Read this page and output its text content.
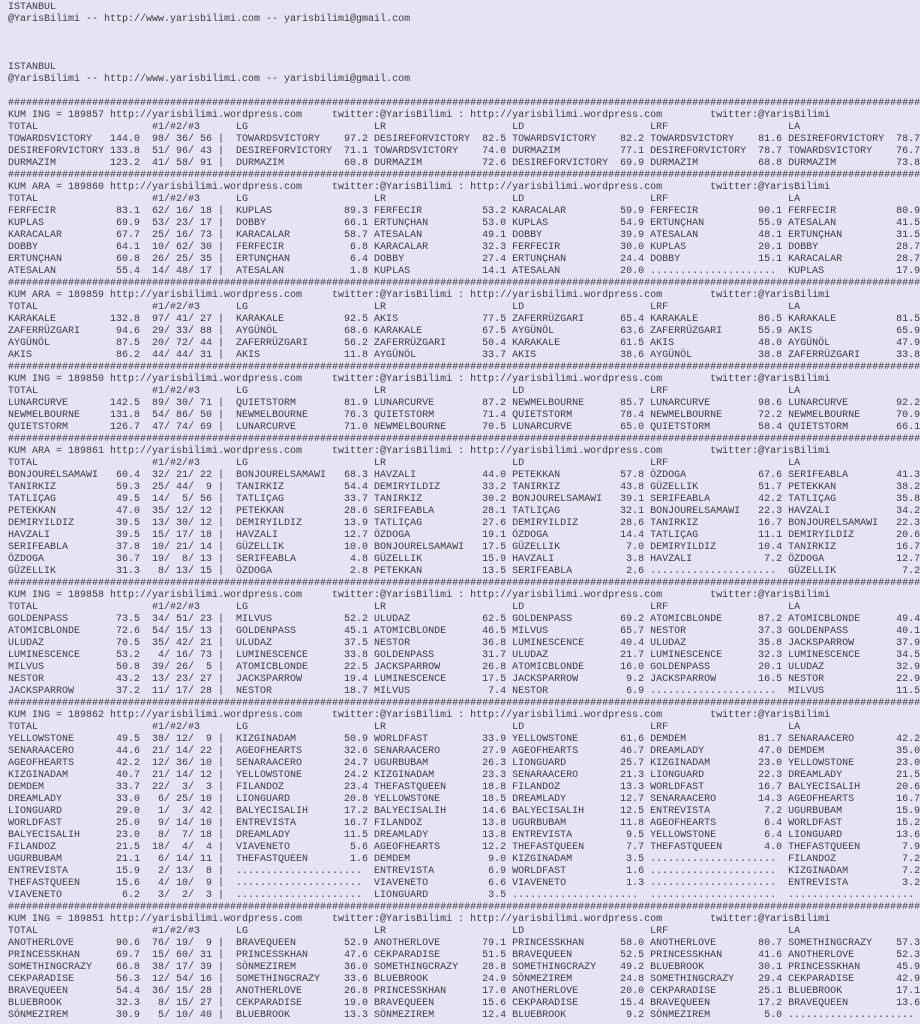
ISTANBUL
@YarisBilimi -- http://www.yarisbilimi.com -- yarisbilimi@gmail.com
ISTANBUL
@YarisBilimi -- http://www.yarisbilimi.com -- yarisbilimi@gmail.com
########################################################################################################################################################
KUM ING = 189857 http://yarisbilimi.wordpress.com     twitter:@YarisBilimi : http://yarisbilimi.wordpress.com        twitter:@YarisBilimi
TOTAL                   #1/#2/#3      LG                     LR                     LD                     LRF                    LA
TOWARDSVICTORY   144.0  98/ 36/ 56 |  TOWARDSVICTORY    97.2 DESIREFORVICTORY  82.5 TOWARDSVICTORY    82.2 TOWARDSVICTORY    81.6 DESIREFORVICTORY  78.7
DESIREFORVICTORY 133.8  51/ 96/ 43 |  DESIREFORVICTORY  71.1 TOWARDSVICTORY    74.0 DURMAZIM          77.1 DESIREFORVICTORY  78.7 TOWARDSVICTORY    76.7
DURMAZIM         123.2  41/ 58/ 91 |  DURMAZIM          60.8 DURMAZIM          72.6 DESIREFORVICTORY  69.9 DURMAZIM          68.8 DURMAZIM          73.8
########################################################################################################################################################
KUM ARA = 189860 http://yarisbilimi.wordpress.com     twitter:@YarisBilimi : http://yarisbilimi.wordpress.com        twitter:@YarisBilimi
TOTAL                   #1/#2/#3      LG                     LR                     LD                     LRF                    LA
FERFECIR          83.1  62/ 16/ 18 |  KUPLAS            89.3 FERFECIR          53.2 KARACALAR         59.9 FERFECIR          90.1 FERFECIR          80.9
KUPLAS            69.9  53/ 23/ 17 |  DOBBY             66.1 ERTUNÇHAN         53.0 KUPLAS            54.9 ERTUNÇHAN         55.9 ATESALAN          41.5
KARACALAR         67.7  25/ 16/ 73 |  KARACALAR         58.7 ATESALAN          49.1 DOBBY             39.9 ATESALAN          48.1 ERTUNÇHAN         31.5
DOBBY             64.1  10/ 62/ 30 |  FERFECIR           6.8 KARACALAR         32.3 FERFECIR          30.0 KUPLAS            20.1 DOBBY             28.7
ERTUNÇHAN         60.8  26/ 25/ 35 |  ERTUNÇHAN          6.4 DOBBY             27.4 ERTUNÇHAN         24.4 DOBBY             15.1 KARACALAR         28.7
ATESALAN          55.4  14/ 48/ 17 |  ATESALAN           1.8 KUPLAS            14.1 ATESALAN          20.0 .....................  KUPLAS            17.9
########################################################################################################################################################
KUM ARA = 189859 http://yarisbilimi.wordpress.com     twitter:@YarisBilimi : http://yarisbilimi.wordpress.com        twitter:@YarisBilimi
TOTAL                   #1/#2/#3      LG                     LR                     LD                     LRF                    LA
KARAKALE         132.8  97/ 41/ 27 |  KARAKALE          92.5 AKIS              77.5 ZAFERRÜZGARI      65.4 KARAKALE          86.5 KARAKALE          81.5
ZAFERRÜZGARI      94.6  29/ 33/ 88 |  AYGÜNÖL           68.6 KARAKALE          67.5 AYGÜNÖL           63.6 ZAFERRÜZGARI      55.9 AKIS              65.9
AYGÜNÖL           87.5  20/ 72/ 44 |  ZAFERRÜZGARI      56.2 ZAFERRÜZGARI      50.4 KARAKALE          61.5 AKIS              48.0 AYGÜNÖL           47.9
AKIS              86.2  44/ 44/ 31 |  AKIS              11.8 AYGÜNÖL           33.7 AKIS              38.6 AYGÜNÖL           38.8 ZAFERRÜZGARI      33.8
########################################################################################################################################################
KUM ING = 189850 http://yarisbilimi.wordpress.com     twitter:@YarisBilimi : http://yarisbilimi.wordpress.com        twitter:@YarisBilimi
TOTAL                   #1/#2/#3      LG                     LR                     LD                     LRF                    LA
LUNARCURVE       142.5  89/ 30/ 71 |  QUIETSTORM        81.9 LUNARCURVE        87.2 NEWMELBOURNE      85.7 LUNARCURVE        98.6 LUNARCURVE        92.2
NEWMELBOURNE     131.8  54/ 86/ 50 |  NEWMELBOURNE      76.3 QUIETSTORM        71.4 QUIETSTORM        78.4 NEWMELBOURNE      72.2 NEWMELBOURNE      70.9
QUIETSTORM       126.7  47/ 74/ 69 |  LUNARCURVE        71.0 NEWMELBOURNE      70.5 LUNARCURVE        65.0 QUIETSTORM        58.4 QUIETSTORM        66.1
########################################################################################################################################################
KUM ARA = 189861 http://yarisbilimi.wordpress.com     twitter:@YarisBilimi : http://yarisbilimi.wordpress.com        twitter:@YarisBilimi
TOTAL                   #1/#2/#3      LG                     LR                     LD                     LRF                    LA
BONJOURELSAMAWI   60.4  32/ 21/ 22 |  BONJOURELSAMAWI   68.3 HAVZALI           44.0 PETEKKAN          57.8 ÖZDOGA            67.6 SERIFEABLA        41.3
TANIRKIZ          59.3  25/ 44/  9 |  TANIRKIZ          54.4 DEMIRYILDIZ       33.2 TANIRKIZ          43.8 GÜZELLIK          51.7 PETEKKAN          38.2
TATLIÇAG          49.5  14/  5/ 56 |  TATLIÇAG          33.7 TANIRKIZ          30.2 BONJOURELSAMAWI   39.1 SERIFEABLA        42.2 TATLIÇAG          35.8
PETEKKAN          47.0  35/ 12/ 12 |  PETEKKAN          28.6 SERIFEABLA        28.1 TATLIÇAG          32.1 BONJOURELSAMAWI   22.3 HAVZALI           34.2
DEMIRYILDIZ       39.5  13/ 30/ 12 |  DEMIRYILDIZ       13.9 TATLIÇAG          27.6 DEMIRYILDIZ       28.6 TANIRKIZ          16.7 BONJOURELSAMAWI   22.3
HAVZALI           39.5  15/ 17/ 18 |  HAVZALI           12.7 ÖZDOGA            19.1 ÖZDOGA            14.4 TATLIÇAG          11.1 DEMIRYILDIZ       20.6
SERIFEABLA        37.8  10/ 21/ 14 |  GÜZELLIK          10.0 BONJOURELSAMAWI   17.5 GÜZELLIK           7.0 DEMIRYILDIZ       10.4 TANIRKIZ          16.7
ÖZDOGA            36.7  19/  8/ 13 |  SERIFEABLA         4.8 GÜZELLIK          15.9 HAVZALI            3.8 HAVZALI            7.2 ÖZDOGA            12.7
GÜZELLIK          31.3   8/ 13/ 15 |  ÖZDOGA             2.8 PETEKKAN          13.5 SERIFEABLA         2.6 .....................  GÜZELLIK           7.2
########################################################################################################################################################
KUM ING = 189858 http://yarisbilimi.wordpress.com     twitter:@YarisBilimi : http://yarisbilimi.wordpress.com        twitter:@YarisBilimi
TOTAL                   #1/#2/#3      LG                     LR                     LD                     LRF                    LA
GOLDENPASS        73.5  34/ 51/ 23 |  MILVUS            52.2 ULUDAZ            62.5 GOLDENPASS        69.2 ATOMICBLONDE      87.2 ATOMICBLONDE      49.4
ATOMICBLONDE      72.6  54/ 15/ 13 |  GOLDENPASS        45.1 ATOMICBLONDE      46.5 MILVUS            65.7 NESTOR            37.3 GOLDENPASS        40.1
ULUDAZ            70.5  35/ 42/ 21 |  ULUDAZ            37.5 NESTOR            36.8 LUMINESCENCE      40.4 ULUDAZ            35.8 JACKSPARROW       37.9
LUMINESCENCE      53.2   4/ 16/ 73 |  LUMINESCENCE      33.8 GOLDENPASS        31.7 ULUDAZ            21.7 LUMINESCENCE      32.3 LUMINESCENCE      34.5
MILVUS            50.8  39/ 26/  5 |  ATOMICBLONDE      22.5 JACKSPARROW       26.8 ATOMICBLONDE      16.0 GOLDENPASS        20.1 ULUDAZ            32.9
NESTOR            43.2  13/ 23/ 27 |  JACKSPARROW       19.4 LUMINESCENCE      17.5 JACKSPARROW        9.2 JACKSPARROW       16.5 NESTOR            22.9
JACKSPARROW       37.2  11/ 17/ 28 |  NESTOR            18.7 MILVUS             7.4 NESTOR             6.9 .....................  MILVUS            11.5
########################################################################################################################################################
KUM ING = 189862 http://yarisbilimi.wordpress.com     twitter:@YarisBilimi : http://yarisbilimi.wordpress.com        twitter:@YarisBilimi
TOTAL                   #1/#2/#3      LG                     LR                     LD                     LRF                    LA
YELLOWSTONE       49.5  38/ 12/  9 |  KIZGINADAM        50.9 WORLDFAST         33.9 YELLOWSTONE       61.6 DEMDEM            81.7 SENARAACERO       42.2
SENARAACERO       44.6  21/ 14/ 22 |  AGEOFHEARTS       32.6 SENARAACERO       27.9 AGEOFHEARTS       46.7 DREAMLADY         47.0 DEMDEM            35.0
AGEOFHEARTS       42.2  12/ 36/ 10 |  SENARAACERO       24.7 UGURBUBAM         26.3 LIONGUARD         25.7 KIZGINADAM        23.0 YELLOWSTONE       23.0
KIZGINADAM        40.7  21/ 14/ 12 |  YELLOWSTONE       24.2 KIZGINADAM        23.3 SENARAACERO       21.3 LIONGUARD         22.3 DREAMLADY         21.5
DEMDEM            33.7  22/  3/  3 |  FILANDOZ          23.4 THEFASTQUEEN      18.8 FILANDOZ          13.3 WORLDFAST         16.7 BALYECISALIH      20.6
DREAMLADY         33.0   6/ 25/ 10 |  LIONGUARD         20.8 YELLOWSTONE       18.5 DREAMLADY         12.7 SENARAACERO       14.3 AGEOFHEARTS       16.7
LIONGUARD         29.0   1/  3/ 42 |  BALYECISALIH      17.2 BALYECISALIH      14.6 BALYECISALIH      12.5 ENTREVISTA         7.2 UGURBUBAM         15.9
WORLDFAST         25.0   9/ 14/ 10 |  ENTREVISTA        16.7 FILANDOZ          13.8 UGURBUBAM         11.8 AGEOFHEARTS        6.4 WORLDFAST         15.2
BALYECISALIH      23.0   8/  7/ 18 |  DREAMLADY         11.5 DREAMLADY         13.8 ENTREVISTA         9.5 YELLOWSTONE        6.4 LIONGUARD         13.6
FILANDOZ          21.5  18/  4/  4 |  VIAVENETO          5.6 AGEOFHEARTS       12.2 THEFASTQUEEN       7.7 THEFASTQUEEN       4.0 THEFASTQUEEN       7.9
UGURBUBAM         21.1   6/ 14/ 11 |  THEFASTQUEEN       1.6 DEMDEM             9.0 KIZGINADAM         3.5 .....................  FILANDOZ           7.2
ENTREVISTA        15.9   2/ 13/  8 |  .....................  ENTREVISTA         6.9 WORLDFAST          1.6 .....................  KIZGINADAM         7.2
THEFASTQUEEN      15.6   4/ 10/  9 |  .....................  VIAVENETO          6.6 VIAVENETO          1.3 .....................  ENTREVISTA         3.2
VIAVENETO          6.2   3/  2/  3 |  .....................  LIONGUARD          3.5 .....................  .....................  .....................
########################################################################################################################################################
KUM ING = 189851 http://yarisbilimi.wordpress.com     twitter:@YarisBilimi : http://yarisbilimi.wordpress.com        twitter:@YarisBilimi
TOTAL                   #1/#2/#3      LG                     LR                     LD                     LRF                    LA
ANOTHERLOVE       90.6  76/ 19/  9 |  BRAVEQUEEN        52.9 ANOTHERLOVE       79.1 PRINCESSKHAN      58.0 ANOTHERLOVE       80.7 SOMETHINGCRAZY    57.3
PRINCESSKHAN      69.7  15/ 60/ 31 |  PRINCESSKHAN      47.6 CEKPARADISE       51.5 BRAVEQUEEN        52.5 PRINCESSKHAN      41.6 ANOTHERLOVE       52.3
SOMETHINGCRAZY    66.8  38/ 17/ 39 |  SÖNMEZIREM        36.0 SOMETHINGCRAZY    28.8 SOMETHINGCRAZY    49.2 BLUEBROOK         30.1 PRINCESSKHAN      45.9
CEKPARADISE       56.3  12/ 54/ 16 |  SOMETHINGCRAZY    33.6 BLUEBROOK         24.9 SÖNMEZIREM        24.8 SOMETHINGCRAZY    29.4 CEKPARADISE       42.9
BRAVEQUEEN        54.4  36/ 15/ 28 |  ANOTHERLOVE       26.8 PRINCESSKHAN      17.0 ANOTHERLOVE       20.0 CEKPARADISE       25.1 BLUEBROOK         17.1
BLUEBROOK         32.3   8/ 15/ 27 |  CEKPARADISE       19.0 BRAVEQUEEN        15.6 CEKPARADISE       15.4 BRAVEQUEEN        17.2 BRAVEQUEEN        13.6
SÖNMEZIREM        30.9   5/ 10/ 40 |  BLUEBROOK         13.3 SÖNMEZIREM        12.4 BLUEBROOK          9.2 SÖNMEZIREM         5.0 .....................
